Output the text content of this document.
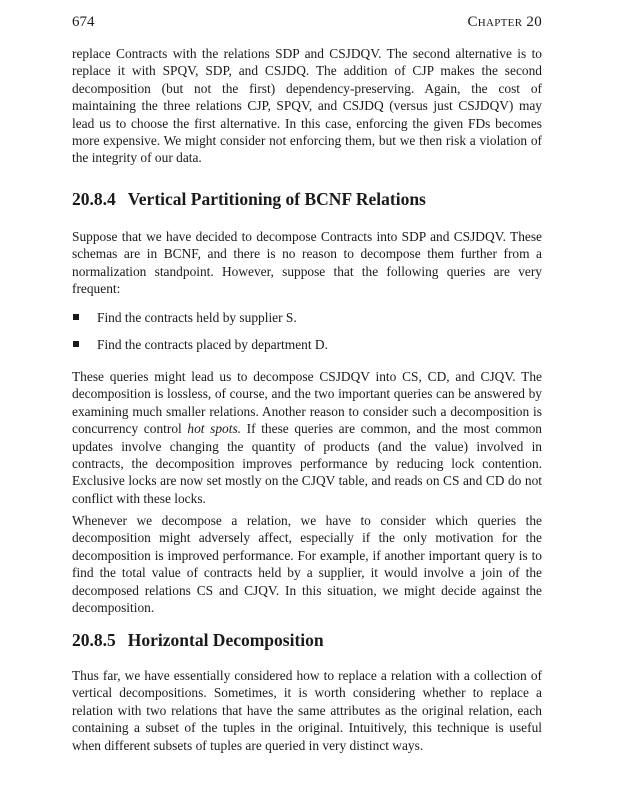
674	Chapter 20

replace Contracts with the relations SDP and CSJDQV. The second alternative is to replace it with SPQV, SDP, and CSJDQ. The addition of CJP makes the second decomposition (but not the first) dependency-preserving. Again, the cost of maintaining the three relations CJP, SPQV, and CSJDQ (versus just CSJDQV) may lead us to choose the first alternative. In this case, enforcing the given FDs becomes more expensive. We might consider not enforcing them, but we then risk a violation of the integrity of our data.

20.8.4 Vertical Partitioning of BCNF Relations

Suppose that we have decided to decompose Contracts into SDP and CSJDQV. These schemas are in BCNF, and there is no reason to decompose them further from a normalization standpoint. However, suppose that the following queries are very frequent:

Find the contracts held by supplier S.
Find the contracts placed by department D.

These queries might lead us to decompose CSJDQV into CS, CD, and CJQV. The decomposition is lossless, of course, and the two important queries can be answered by examining much smaller relations. Another reason to consider such a decomposition is concurrency control hot spots. If these queries are common, and the most common updates involve changing the quantity of products (and the value) involved in contracts, the decomposition improves performance by reducing lock contention. Exclusive locks are now set mostly on the CJQV table, and reads on CS and CD do not conflict with these locks.

Whenever we decompose a relation, we have to consider which queries the decomposition might adversely affect, especially if the only motivation for the decomposition is improved performance. For example, if another important query is to find the total value of contracts held by a supplier, it would involve a join of the decomposed relations CS and CJQV. In this situation, we might decide against the decomposition.

20.8.5 Horizontal Decomposition

Thus far, we have essentially considered how to replace a relation with a collection of vertical decompositions. Sometimes, it is worth considering whether to replace a relation with two relations that have the same attributes as the original relation, each containing a subset of the tuples in the original. Intuitively, this technique is useful when different subsets of tuples are queried in very distinct ways.
